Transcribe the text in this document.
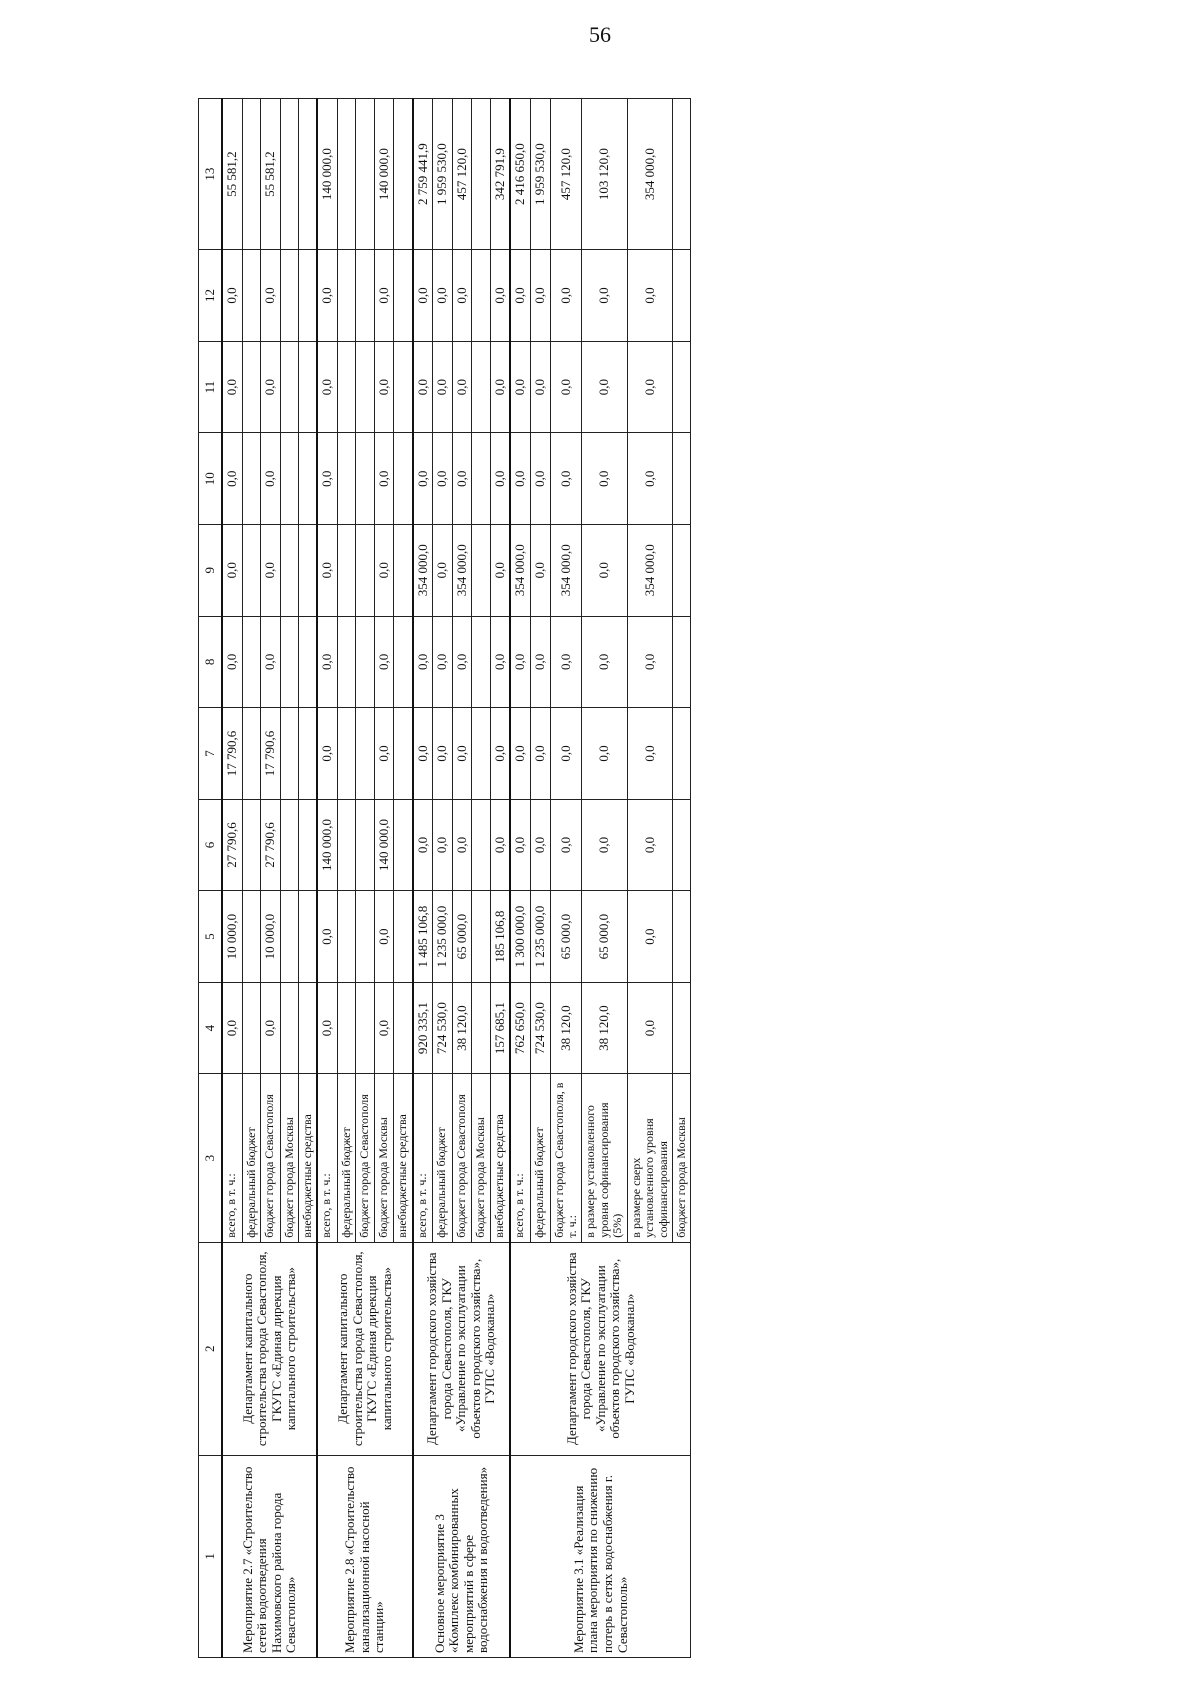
56
1	2	3	4	5	6	7	8	9	10	11	12	13
Мероприятие 2.7 «Строительство сетей водоотведения Нахимовского района города Севастополя»	Департамент капитального строительства города Севастополя, ГКУГС «Единая дирекция капитального строительства»	всего, в т. ч.:	0,0	10 000,0	27 790,6	17 790,6	0,0	0,0	0,0	0,0	0,0	55 581,2
		федеральный бюджет										
		бюджет города Севастополя	0,0	10 000,0	27 790,6	17 790,6	0,0	0,0	0,0	0,0	0,0	55 581,2
		бюджет города Москвы										
		внебюджетные средства										
Мероприятие 2.8 «Строительство канализационной насосной станции»	Департамент капитального строительства города Севастополя, ГКУГС «Единая дирекция капитального строительства»	всего, в т. ч.:	0,0	0,0	140 000,0	0,0	0,0	0,0	0,0	0,0	0,0	140 000,0
		федеральный бюджет										
		бюджет города Севастополя										
		бюджет города Москвы	0,0	0,0	140 000,0	0,0	0,0	0,0	0,0	0,0	0,0	140 000,0
		внебюджетные средства										
Основное мероприятие 3 «Комплекс комбинированных мероприятий в сфере водоснабжения и водоотведения»	Департамент городского хозяйства города Севастополя, ГКУ «Управление по эксплуатации объектов городского хозяйства», ГУПС «Водоканал»	всего, в т. ч.:	920 335,1	1 485 106,8	0,0	0,0	0,0	354 000,0	0,0	0,0	0,0	2 759 441,9
		федеральный бюджет	724 530,0	1 235 000,0	0,0	0,0	0,0	0,0	0,0	0,0	0,0	1 959 530,0
		бюджет города Севастополя	38 120,0	65 000,0	0,0	0,0	0,0	354 000,0	0,0	0,0	0,0	457 120,0
		бюджет города Москвы										
		внебюджетные средства	157 685,1	185 106,8	0,0	0,0	0,0	0,0	0,0	0,0	0,0	342 791,9
Мероприятие 3.1 «Реализация плана мероприятия по снижению потерь в сетях водоснабжения г. Севастополь»	Департамент городского хозяйства города Севастополя, ГКУ «Управление по эксплуатации объектов городского хозяйства», ГУПС «Водоканал»	всего, в т. ч.:	762 650,0	1 300 000,0	0,0	0,0	0,0	354 000,0	0,0	0,0	0,0	2 416 650,0
		федеральный бюджет	724 530,0	1 235 000,0	0,0	0,0	0,0	0,0	0,0	0,0	0,0	1 959 530,0
		бюджет города Севастополя, в т. ч.:	38 120,0	65 000,0	0,0	0,0	0,0	354 000,0	0,0	0,0	0,0	457 120,0
		в размере установленного уровня софинансирования (5%)	38 120,0	65 000,0	0,0	0,0	0,0	0,0	0,0	0,0	0,0	103 120,0
		в размере сверх установленного уровня софинансирования	0,0	0,0	0,0	0,0	0,0	354 000,0	0,0	0,0	0,0	354 000,0
		бюджет города Москвы										
